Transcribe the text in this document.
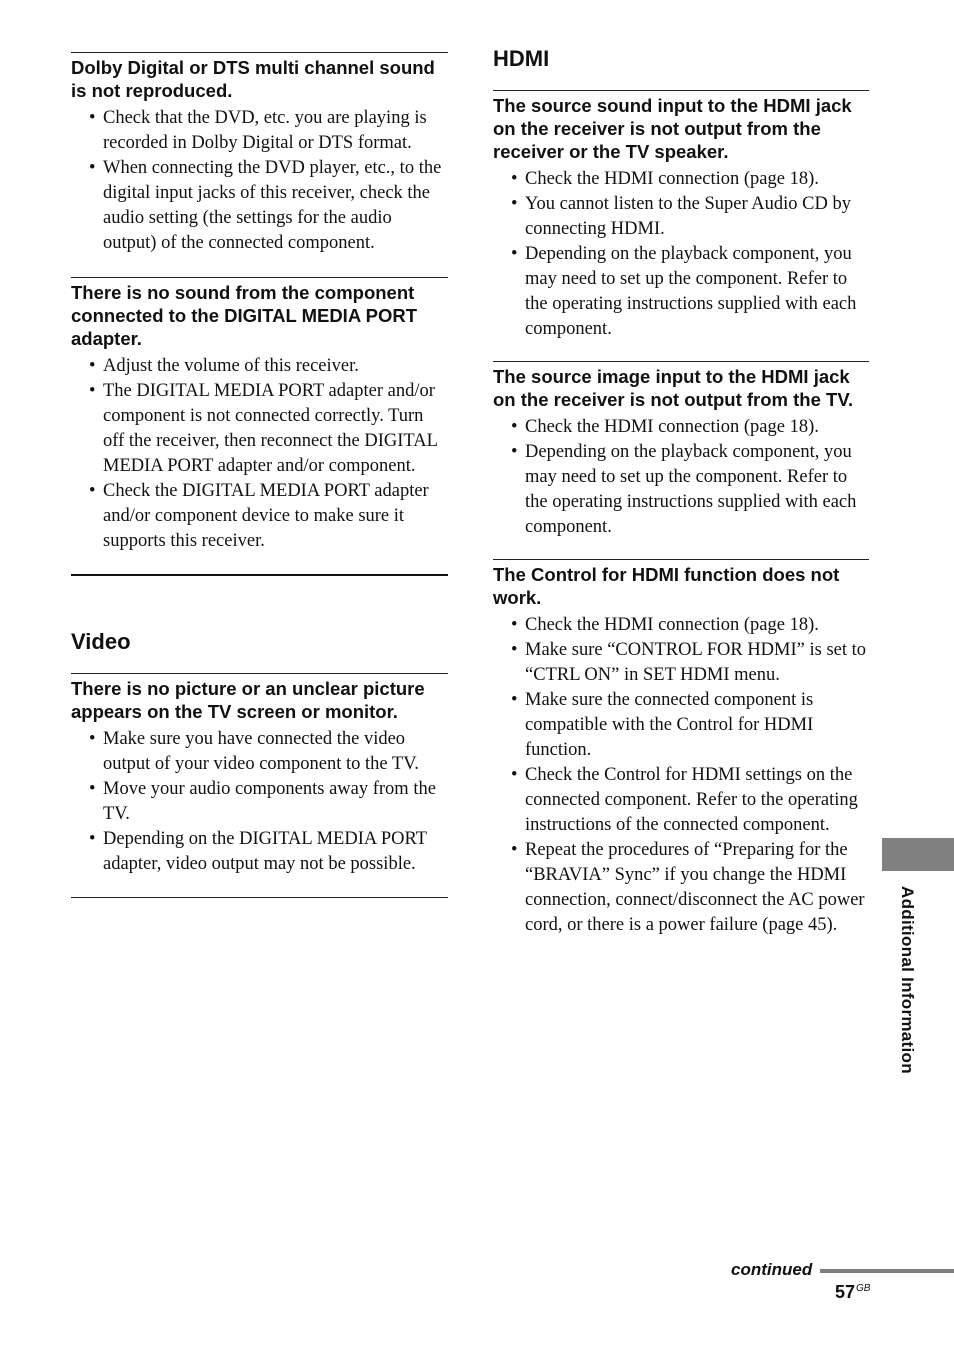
Dolby Digital or DTS multi channel sound is not reproduced.

• Check that the DVD, etc. you are playing is recorded in Dolby Digital or DTS format.
• When connecting the DVD player, etc., to the digital input jacks of this receiver, check the audio setting (the settings for the audio output) of the connected component.

There is no sound from the component connected to the DIGITAL MEDIA PORT adapter.

• Adjust the volume of this receiver.
• The DIGITAL MEDIA PORT adapter and/or component is not connected correctly. Turn off the receiver, then reconnect the DIGITAL MEDIA PORT adapter and/or component.
• Check the DIGITAL MEDIA PORT adapter and/or component device to make sure it supports this receiver.
Video

There is no picture or an unclear picture appears on the TV screen or monitor.

• Make sure you have connected the video output of your video component to the TV.
• Move your audio components away from the TV.
• Depending on the DIGITAL MEDIA PORT adapter, video output may not be possible.
HDMI

The source sound input to the HDMI jack on the receiver is not output from the receiver or the TV speaker.

• Check the HDMI connection (page 18).
• You cannot listen to the Super Audio CD by connecting HDMI.
• Depending on the playback component, you may need to set up the component. Refer to the operating instructions supplied with each component.

The source image input to the HDMI jack on the receiver is not output from the TV.

• Check the HDMI connection (page 18).
• Depending on the playback component, you may need to set up the component. Refer to the operating instructions supplied with each component.

The Control for HDMI function does not work.

• Check the HDMI connection (page 18).
• Make sure “CONTROL FOR HDMI” is set to “CTRL ON” in SET HDMI menu.
• Make sure the connected component is compatible with the Control for HDMI function.
• Check the Control for HDMI settings on the connected component. Refer to the operating instructions of the connected component.
• Repeat the procedures of “Preparing for the “BRAVIA” Sync” if you change the HDMI connection, connect/disconnect the AC power cord, or there is a power failure (page 45).	Additional Information
continued
$57^{GB}$
